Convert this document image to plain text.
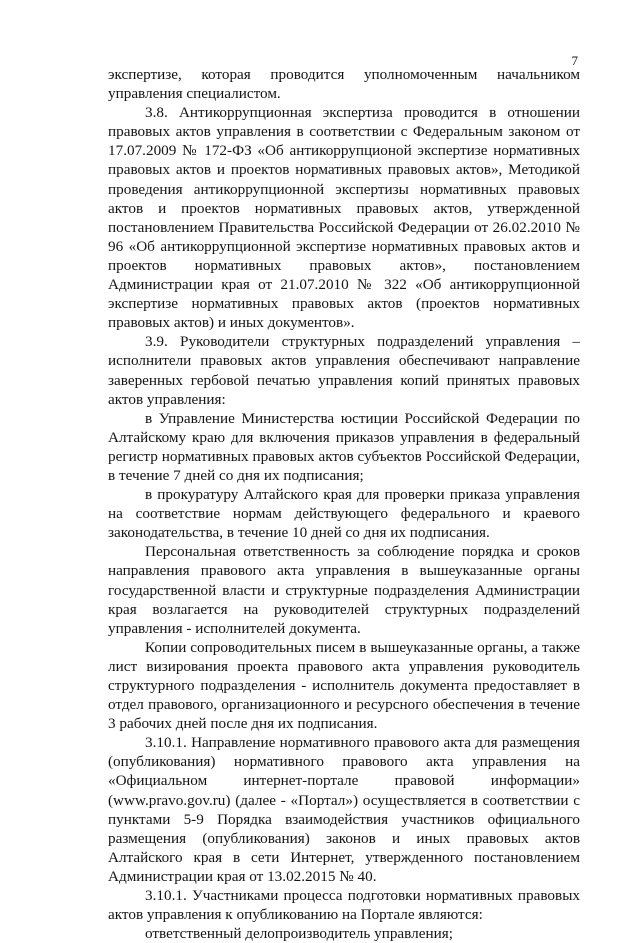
7

экспертизе, которая проводится уполномоченным начальником управления специалистом.

3.8. Антикоррупционная экспертиза проводится в отношении правовых актов управления в соответствии с Федеральным законом от 17.07.2009 № 172-ФЗ «Об антикоррупционой экспертизе нормативных правовых актов и проектов нормативных правовых актов», Методикой проведения антикоррупционной экспертизы нормативных правовых актов и проектов нормативных правовых актов, утвержденной постановлением Правительства Российской Федерации от 26.02.2010 № 96 «Об антикоррупционной экспертизе нормативных правовых актов и проектов нормативных правовых актов», постановлением Администрации края от 21.07.2010 № 322 «Об антикоррупционной экспертизе нормативных правовых актов (проектов нормативных правовых актов) и иных документов».

3.9. Руководители структурных подразделений управления – исполнители правовых актов управления обеспечивают направление заверенных гербовой печатью управления копий принятых правовых актов управления:

в Управление Министерства юстиции Российской Федерации по Алтайскому краю для включения приказов управления в федеральный регистр нормативных правовых актов субъектов Российской Федерации, в течение 7 дней со дня их подписания;

в прокуратуру Алтайского края для проверки приказа управления на соответствие нормам действующего федерального и краевого законодательства, в течение 10 дней со дня их подписания.

Персональная ответственность за соблюдение порядка и сроков направления правового акта управления в вышеуказанные органы государственной власти и структурные подразделения Администрации края возлагается на руководителей структурных подразделений управления - исполнителей документа.

Копии сопроводительных писем в вышеуказанные органы, а также лист визирования проекта правового акта управления руководитель структурного подразделения - исполнитель документа предоставляет в отдел правового, организационного и ресурсного обеспечения в течение 3 рабочих дней после дня их подписания.

3.10.1. Направление нормативного правового акта для размещения (опубликования) нормативного правового акта управления на «Официальном интернет-портале правовой информации» (www.pravo.gov.ru) (далее - «Портал») осуществляется в соответствии с пунктами 5-9 Порядка взаимодействия участников официального размещения (опубликования) законов и иных правовых актов Алтайского края в сети Интернет, утвержденного постановлением Администрации края от 13.02.2015 № 40.

3.10.1. Участниками процесса подготовки нормативных правовых актов управления к опубликованию на Портале являются:

ответственный делопроизводитель управления;
